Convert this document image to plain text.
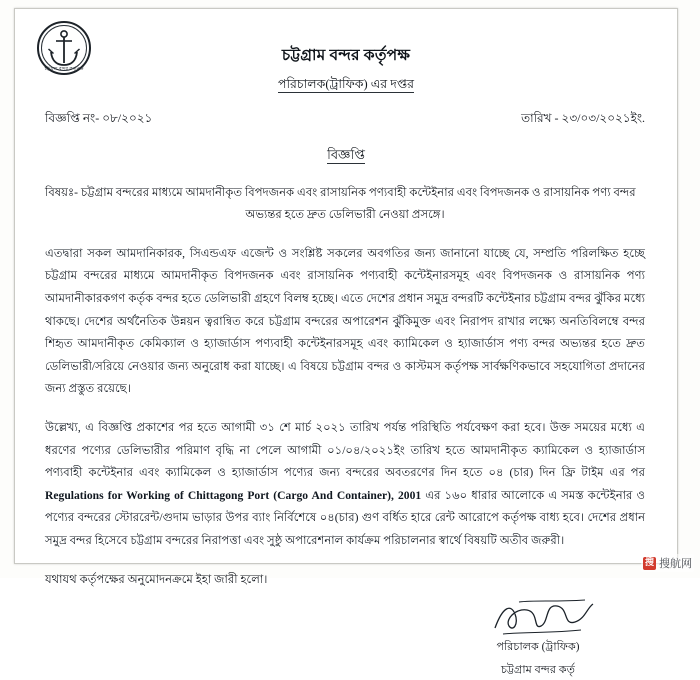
চট্টগ্রাম বন্দর কর্তৃপক্ষ
চট্টগ্রাম বন্দর কর্তৃপক্ষ
পরিচালক(ট্রাফিক) এর দপ্তর
বিজ্ঞপ্তি নং- ০৮/২০২১	তারিখ - ২৩/০৩/২০২১ইং.
বিজ্ঞপ্তি
বিষয়ঃ- চট্টগ্রাম বন্দরের মাধ্যমে আমদানীকৃত বিপদজনক এবং রাসায়নিক পণ্যবাহী কন্টেইনার এবং বিপদজনক ও রাসায়নিক পণ্য বন্দর
অভ্যন্তর হতে দ্রুত ডেলিভারী নেওয়া প্রসঙ্গে।
এতদ্বারা সকল আমদানিকারক, সিএন্ডএফ এজেন্ট ও সংশ্লিষ্ট সকলের অবগতির জন্য জানানো যাচ্ছে যে, সম্প্রতি পরিলক্ষিত হচ্ছে চট্টগ্রাম বন্দরের মাধ্যমে আমদানীকৃত বিপদজনক এবং রাসায়নিক পণ্যবাহী কন্টেইনারসমূহ এবং বিপদজনক ও রাসায়নিক পণ্য আমদানীকারকগণ কর্তৃক বন্দর হতে ডেলিভারী গ্রহণে বিলম্ব হচ্ছে। এতে দেশের প্রধান সমুদ্র বন্দরটি কন্টেইনার চট্টগ্রাম বন্দর ঝুঁকির মধ্যে থাকছে। দেশের অর্থনৈতিক উন্নয়ন ত্বরান্বিত করে চট্টগ্রাম বন্দরের অপারেশন ঝুঁকিমুক্ত এবং নিরাপদ রাখার লক্ষ্যে অনতিবিলম্বে বন্দর শিহৃত আমদানীকৃত কেমিক্যাল ও হ্যাজার্ডাস পণ্যবাহী কন্টেইনারসমূহ এবং ক্যামিকেল ও হ্যাজার্ডাস পণ্য বন্দর অভ্যন্তর হতে দ্রুত ডেলিভারী/সরিয়ে নেওয়ার জন্য অনুরোধ করা যাচ্ছে। এ বিষয়ে চট্টগ্রাম বন্দর ও কাস্টমস কর্তৃপক্ষ সার্বক্ষণিকভাবে সহযোগিতা প্রদানের জন্য প্রস্তুত রয়েছে।
উল্লেখ্য, এ বিজ্ঞপ্তি প্রকাশের পর হতে আগামী ৩১ শে মার্চ ২০২১ তারিখ পর্যন্ত পরিস্থিতি পর্যবেক্ষণ করা হবে। উক্ত সময়ের মধ্যে এ ধরণের পণ্যের ডেলিভারীর পরিমাণ বৃদ্ধি না পেলে আগামী ০১/০৪/২০২১ইং তারিখ হতে আমদানীকৃত ক্যামিকেল ও হ্যাজার্ডাস পণ্যবাহী কন্টেইনার এবং ক্যামিকেল ও হ্যাজার্ডাস পণ্যের জন্য বন্দরের অবতরণের দিন হতে ০৪ (চার) দিন ফ্রি টাইম এর পর Regulations for Working of Chittagong Port (Cargo And Container), 2001 এর ১৬০ ধারার আলোকে এ সমস্ত কন্টেইনার ও পণ্যের বন্দরের স্টোররেন্ট/গুদাম ভাড়ার উপর ব্যাং নির্বিশেষে ০৪(চার) গুণ বর্ধিত হারে রেন্ট আরোপে কর্তৃপক্ষ বাধ্য হবে। দেশের প্রধান সমুদ্র বন্দর হিসেবে চট্টগ্রাম বন্দরের নিরাপত্তা এবং সুষ্ঠু অপারেশনাল কার্যক্রম পরিচালনার স্বার্থে বিষয়টি অতীব জরুরী।
যথাযথ কর্তৃপক্ষের অনুমোদনক্রমে ইহা জারী হলো।
পরিচালক (ট্রাফিক)
চট্টগ্রাম বন্দর কর্তৃ
搜 搜航网
